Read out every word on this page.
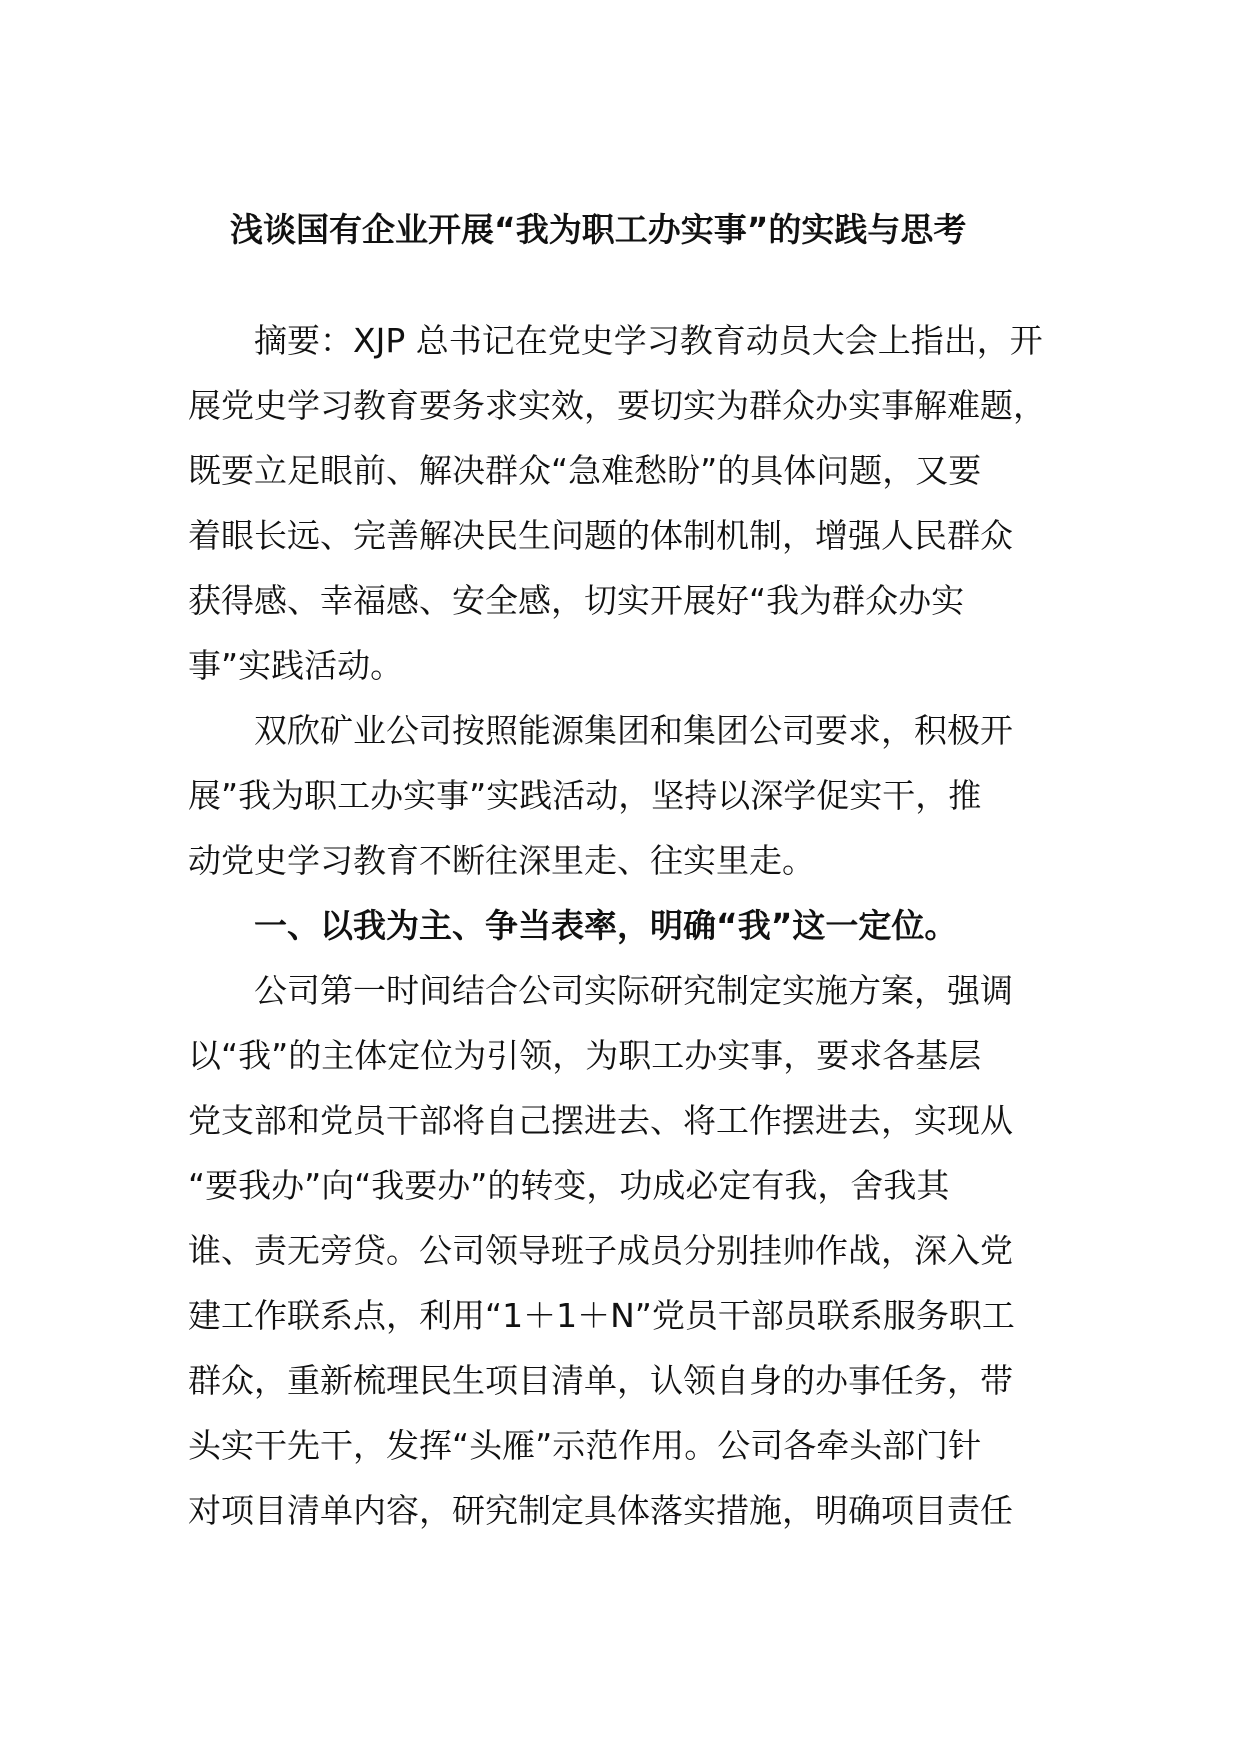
浅谈国有企业开展“我为职工办实事”的实践与思考
摘要：XJP 总书记在党史学习教育动员大会上指出，开
展党史学习教育要务求实效，要切实为群众办实事解难题，
既要立足眼前、解决群众“急难愁盼”的具体问题，又要
着眼长远、完善解决民生问题的体制机制，增强人民群众
获得感、幸福感、安全感，切实开展好“我为群众办实
事”实践活动。
双欣矿业公司按照能源集团和集团公司要求，积极开
展”我为职工办实事”实践活动，坚持以深学促实干，推
动党史学习教育不断往深里走、往实里走。
一、以我为主、争当表率，明确“我”这一定位。
公司第一时间结合公司实际研究制定实施方案，强调
以“我”的主体定位为引领，为职工办实事，要求各基层
党支部和党员干部将自己摆进去、将工作摆进去，实现从
“要我办”向“我要办”的转变，功成必定有我，舍我其
谁、责无旁贷。公司领导班子成员分别挂帅作战，深入党
建工作联系点，利用“1＋1＋N”党员干部员联系服务职工
群众，重新梳理民生项目清单，认领自身的办事任务，带
头实干先干，发挥“头雁”示范作用。公司各牵头部门针
对项目清单内容，研究制定具体落实措施，明确项目责任
